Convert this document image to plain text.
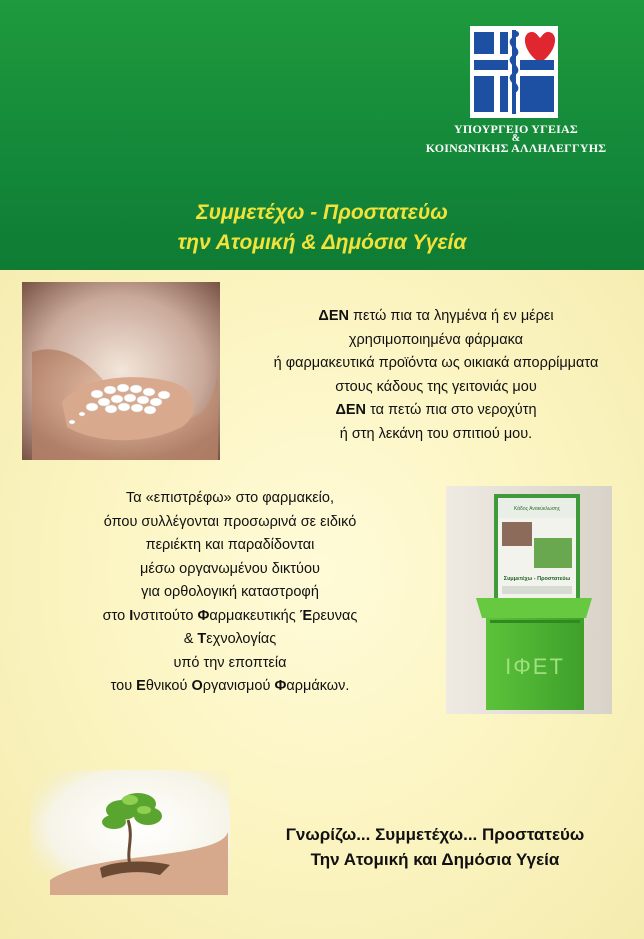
ΥΠΟΥΡΓΕΙΟ ΥΓΕΙΑΣ
&
ΚΟΙΝΩΝΙΚΗΣ ΑΛΛΗΛΕΓΓΥΗΣ
Συμμετέχω - Προστατεύω
την Ατομική & Δημόσια Υγεία
ΔΕΝ πετώ πια τα ληγμένα ή εν μέρει
χρησιμοποιημένα φάρμακα
ή φαρμακευτικά προϊόντα ως οικιακά απορρίμματα
στους κάδους της γειτονιάς μου
ΔΕΝ τα πετώ πια στο νεροχύτη
ή στη λεκάνη του σπιτιού μου.
Τα «επιστρέφω» στο φαρμακείο,
όπου συλλέγονται προσωρινά σε ειδικό
περιέκτη και παραδίδονται
μέσω οργανωμένου δικτύου
για ορθολογική καταστροφή
στο Ινστιτούτο Φαρμακευτικής Έρευνας
& Τεχνολογίας
υπό την εποπτεία
του Εθνικού Οργανισμού Φαρμάκων.
Κάδος Ανακύκλωσης
Συμμετέχω - Προστατεύω
ΙΦΕΤ
Γνωρίζω... Συμμετέχω... Προστατεύω
Την Ατομική και Δημόσια Υγεία
